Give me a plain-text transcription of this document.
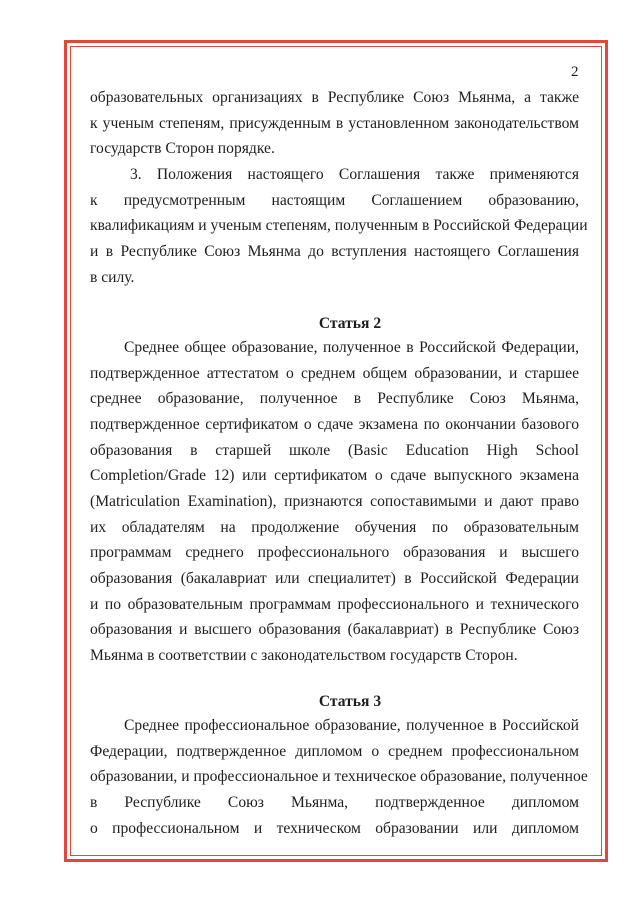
2
образовательных организациях в Республике Союз Мьянма, а также
к ученым степеням, присужденным в установленном законодательством
государств Сторон порядке.
3. Положения настоящего Соглашения также применяются
к предусмотренным настоящим Соглашением образованию,
квалификациям и ученым степеням, полученным в Российской Федерации
и в Республике Союз Мьянма до вступления настоящего Соглашения
в силу.
Статья 2
Среднее общее образование, полученное в Российской Федерации,
подтвержденное аттестатом о среднем общем образовании, и старшее
среднее образование, полученное в Республике Союз Мьянма,
подтвержденное сертификатом о сдаче экзамена по окончании базового
образования в старшей школе (Basic Education High School
Completion/Grade 12) или сертификатом о сдаче выпускного экзамена
(Matriculation Examination), признаются сопоставимыми и дают право
их обладателям на продолжение обучения по образовательным
программам среднего профессионального образования и высшего
образования (бакалавриат или специалитет) в Российской Федерации
и по образовательным программам профессионального и технического
образования и высшего образования (бакалавриат) в Республике Союз
Мьянма в соответствии с законодательством государств Сторон.
Статья 3
Среднее профессиональное образование, полученное в Российской
Федерации, подтвержденное дипломом о среднем профессиональном
образовании, и профессиональное и техническое образование, полученное
в Республике Союз Мьянма, подтвержденное дипломом
о профессиональном и техническом образовании или дипломом
